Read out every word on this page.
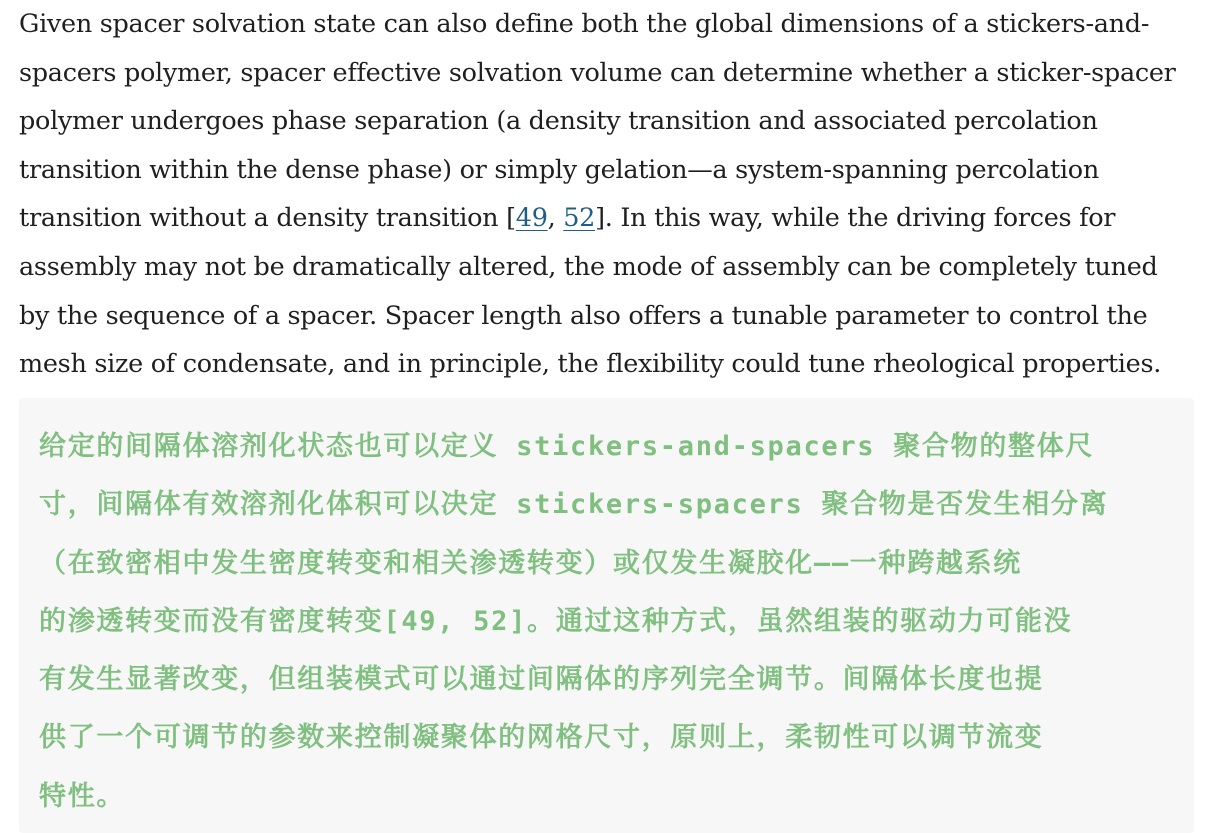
Given spacer solvation state can also define both the global dimensions of a stickers-and-
spacers polymer, spacer effective solvation volume can determine whether a sticker-spacer
polymer undergoes phase separation (a density transition and associated percolation
transition within the dense phase) or simply gelation—a system-spanning percolation
transition without a density transition [49, 52]. In this way, while the driving forces for
assembly may not be dramatically altered, the mode of assembly can be completely tuned
by the sequence of a spacer. Spacer length also offers a tunable parameter to control the
mesh size of condensate, and in principle, the flexibility could tune rheological properties.

给定的间隔体溶剂化状态也可以定义 stickers-and-spacers 聚合物的整体尺
寸，间隔体有效溶剂化体积可以决定 stickers-spacers 聚合物是否发生相分离
（在致密相中发生密度转变和相关渗透转变）或仅发生凝胶化——一种跨越系统
的渗透转变而没有密度转变[49, 52]。通过这种方式，虽然组装的驱动力可能没
有发生显著改变，但组装模式可以通过间隔体的序列完全调节。间隔体长度也提
供了一个可调节的参数来控制凝聚体的网格尺寸，原则上，柔韧性可以调节流变
特性。
